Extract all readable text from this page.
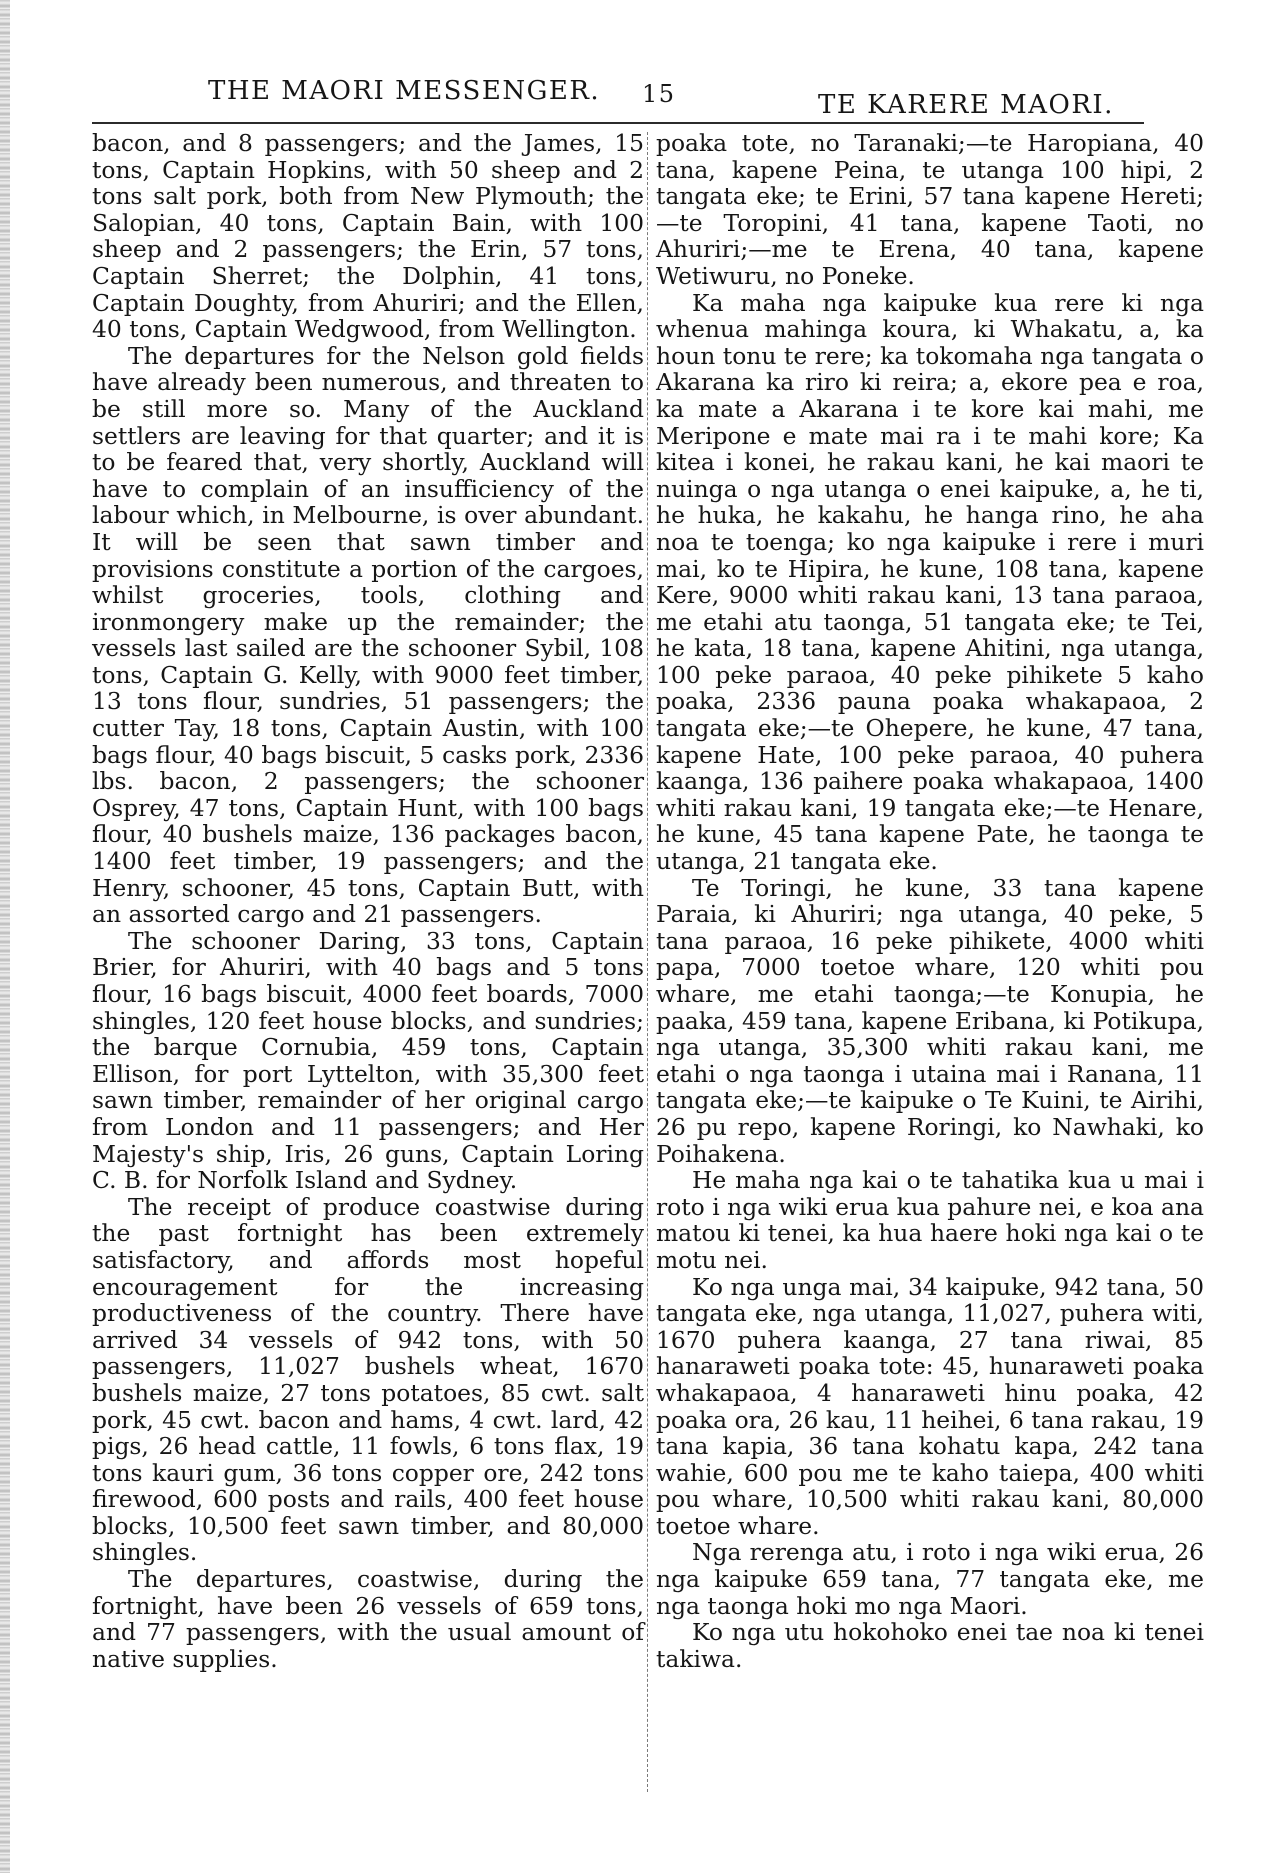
THE MAORI MESSENGER. 15	TE KARERE MAORI.

bacon, and 8 passengers; and the James, 15 tons, Captain Hopkins, with 50 sheep and 2 tons salt pork, both from New Plymouth; the Salopian, 40 tons, Captain Bain, with 100 sheep and 2 passengers; the Erin, 57 tons, Captain Sherret; the Dolphin, 41 tons, Captain Doughty, from Ahuriri; and the Ellen, 40 tons, Captain Wedgwood, from Wellington.

The departures for the Nelson gold fields have already been numerous, and threaten to be still more so. Many of the Auckland settlers are leaving for that quarter; and it is to be feared that, very shortly, Auckland will have to complain of an insufficiency of the labour which, in Melbourne, is over abundant. It will be seen that sawn timber and provisions constitute a portion of the cargoes, whilst groceries, tools, clothing and ironmongery make up the remainder; the vessels last sailed are the schooner Sybil, 108 tons, Captain G. Kelly, with 9000 feet timber, 13 tons flour, sundries, 51 passengers; the cutter Tay, 18 tons, Captain Austin, with 100 bags flour, 40 bags biscuit, 5 casks pork, 2336 lbs. bacon, 2 passengers; the schooner Osprey, 47 tons, Captain Hunt, with 100 bags flour, 40 bushels maize, 136 packages bacon, 1400 feet timber, 19 passengers; and the Henry, schooner, 45 tons, Captain Butt, with an assorted cargo and 21 passengers.

The schooner Daring, 33 tons, Captain Brier, for Ahuriri, with 40 bags and 5 tons flour, 16 bags biscuit, 4000 feet boards, 7000 shingles, 120 feet house blocks, and sundries; the barque Cornubia, 459 tons, Captain Ellison, for port Lyttelton, with 35,300 feet sawn timber, remainder of her original cargo from London and 11 passengers; and Her Majesty's ship, Iris, 26 guns, Captain Loring C. B. for Norfolk Island and Sydney.

The receipt of produce coastwise during the past fortnight has been extremely satisfactory, and affords most hopeful encouragement for the increasing productiveness of the country. There have arrived 34 vessels of 942 tons, with 50 passengers, 11,027 bushels wheat, 1670 bushels maize, 27 tons potatoes, 85 cwt. salt pork, 45 cwt. bacon and hams, 4 cwt. lard, 42 pigs, 26 head cattle, 11 fowls, 6 tons flax, 19 tons kauri gum, 36 tons copper ore, 242 tons firewood, 600 posts and rails, 400 feet house blocks, 10,500 feet sawn timber, and 80,000 shingles.

The departures, coastwise, during the fortnight, have been 26 vessels of 659 tons, and 77 passengers, with the usual amount of native supplies.

poaka tote, no Taranaki;—te Haropiana, 40 tana, kapene Peina, te utanga 100 hipi, 2 tangata eke; te Erini, 57 tana kapene Hereti; —te Toropini, 41 tana, kapene Taoti, no Ahuriri;—me te Erena, 40 tana, kapene Wetiwuru, no Poneke.

Ka maha nga kaipuke kua rere ki nga whenua mahinga koura, ki Whakatu, a, ka houn tonu te rere; ka tokomaha nga tangata o Akarana ka riro ki reira; a, ekore pea e roa, ka mate a Akarana i te kore kai mahi, me Meripone e mate mai ra i te mahi kore; Ka kitea i konei, he rakau kani, he kai maori te nuinga o nga utanga o enei kaipuke, a, he ti, he huka, he kakahu, he hanga rino, he aha noa te toenga; ko nga kaipuke i rere i muri mai, ko te Hipira, he kune, 108 tana, kapene Kere, 9000 whiti rakau kani, 13 tana paraoa, me etahi atu taonga, 51 tangata eke; te Tei, he kata, 18 tana, kapene Ahitini, nga utanga, 100 peke paraoa, 40 peke pihikete 5 kaho poaka, 2336 pauna poaka whakapaoa, 2 tangata eke;—te Ohepere, he kune, 47 tana, kapene Hate, 100 peke paraoa, 40 puhera kaanga, 136 paihere poaka whakapaoa, 1400 whiti rakau kani, 19 tangata eke;—te Henare, he kune, 45 tana kapene Pate, he taonga te utanga, 21 tangata eke.

Te Toringi, he kune, 33 tana kapene Paraia, ki Ahuriri; nga utanga, 40 peke, 5 tana paraoa, 16 peke pihikete, 4000 whiti papa, 7000 toetoe whare, 120 whiti pou whare, me etahi taonga;—te Konupia, he paaka, 459 tana, kapene Eribana, ki Potikupa, nga utanga, 35,300 whiti rakau kani, me etahi o nga taonga i utaina mai i Ranana, 11 tangata eke;—te kaipuke o Te Kuini, te Airihi, 26 pu repo, kapene Roringi, ko Nawhaki, ko Poihakena.

He maha nga kai o te tahatika kua u mai i roto i nga wiki erua kua pahure nei, e koa ana matou ki tenei, ka hua haere hoki nga kai o te motu nei.

Ko nga unga mai, 34 kaipuke, 942 tana, 50 tangata eke, nga utanga, 11,027, puhera witi, 1670 puhera kaanga, 27 tana riwai, 85 hanaraweti poaka tote: 45, hunaraweti poaka whakapaoa, 4 hanaraweti hinu poaka, 42 poaka ora, 26 kau, 11 heihei, 6 tana rakau, 19 tana kapia, 36 tana kohatu kapa, 242 tana wahie, 600 pou me te kaho taiepa, 400 whiti pou whare, 10,500 whiti rakau kani, 80,000 toetoe whare.

Nga rerenga atu, i roto i nga wiki erua, 26 nga kaipuke 659 tana, 77 tangata eke, me nga taonga hoki mo nga Maori.

Ko nga utu hokohoko enei tae noa ki tenei takiwa.
